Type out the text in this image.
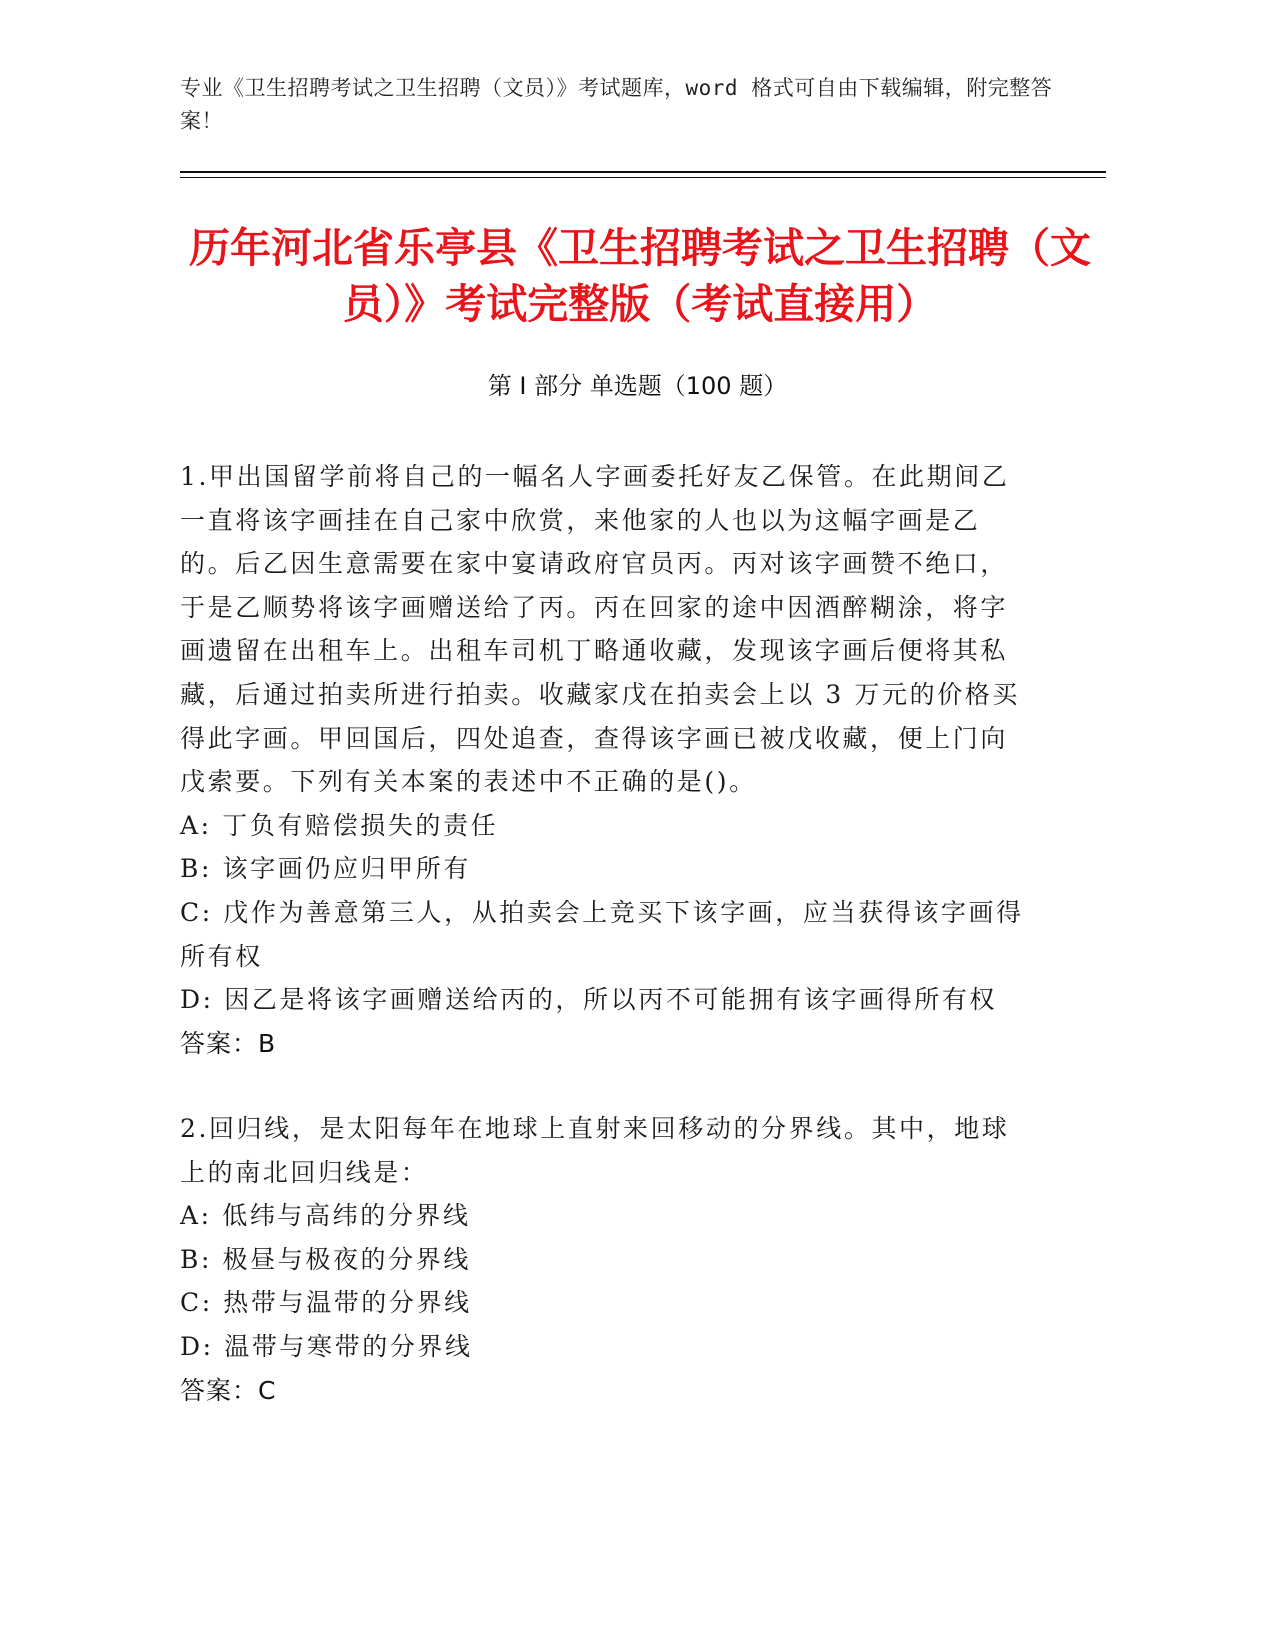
专业《卫生招聘考试之卫生招聘（文员）》考试题库，word 格式可自由下载编辑，附完整答案！
历年河北省乐亭县《卫生招聘考试之卫生招聘（文员）》考试完整版（考试直接用）
第 I 部分 单选题（100 题）

1.甲出国留学前将自己的一幅名人字画委托好友乙保管。在此期间乙一直将该字画挂在自己家中欣赏，来他家的人也以为这幅字画是乙的。后乙因生意需要在家中宴请政府官员丙。丙对该字画赞不绝口，于是乙顺势将该字画赠送给了丙。丙在回家的途中因酒醉糊涂，将字画遗留在出租车上。出租车司机丁略通收藏，发现该字画后便将其私藏，后通过拍卖所进行拍卖。收藏家戊在拍卖会上以 3 万元的价格买得此字画。甲回国后，四处追查，查得该字画已被戊收藏，便上门向戊索要。下列有关本案的表述中不正确的是()。

A: 丁负有赔偿损失的责任

B: 该字画仍应归甲所有

C: 戊作为善意第三人，从拍卖会上竞买下该字画，应当获得该字画得所有权

D: 因乙是将该字画赠送给丙的，所以丙不可能拥有该字画得所有权

答案：B

2.回归线，是太阳每年在地球上直射来回移动的分界线。其中，地球上的南北回归线是：

A: 低纬与高纬的分界线

B: 极昼与极夜的分界线

C: 热带与温带的分界线

D: 温带与寒带的分界线

答案：C
